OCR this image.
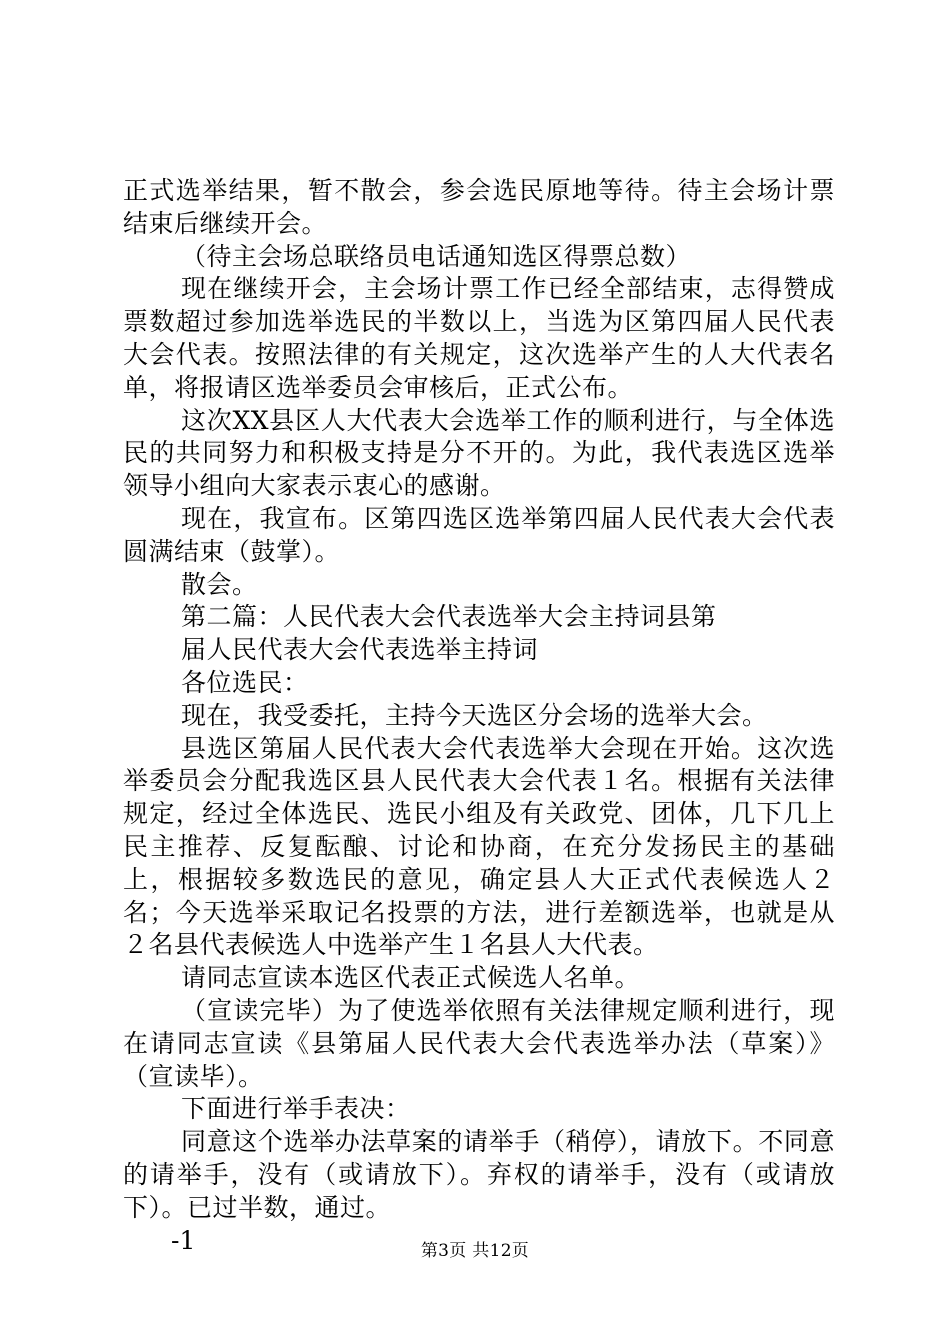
正式选举结果，暂不散会，参会选民原地等待。待主会场计票结束后继续开会。

（待主会场总联络员电话通知选区得票总数）

现在继续开会，主会场计票工作已经全部结束，志得赞成票数超过参加选举选民的半数以上，当选为区第四届人民代表大会代表。按照法律的有关规定，这次选举产生的人大代表名单，将报请区选举委员会审核后，正式公布。

这次XX县区人大代表大会选举工作的顺利进行，与全体选民的共同努力和积极支持是分不开的。为此，我代表选区选举领导小组向大家表示衷心的感谢。

现在，我宣布。区第四选区选举第四届人民代表大会代表圆满结束（鼓掌）。

散会。

第二篇：人民代表大会代表选举大会主持词县第

届人民代表大会代表选举主持词

各位选民：

现在，我受委托，主持今天选区分会场的选举大会。

县选区第届人民代表大会代表选举大会现在开始。这次选举委员会分配我选区县人民代表大会代表１名。根据有关法律规定，经过全体选民、选民小组及有关政党、团体，几下几上民主推荐、反复酝酿、讨论和协商，在充分发扬民主的基础上，根据较多数选民的意见，确定县人大正式代表候选人２名；今天选举采取记名投票的方法，进行差额选举，也就是从２名县代表候选人中选举产生１名县人大代表。

请同志宣读本选区代表正式候选人名单。

（宣读完毕）为了使选举依照有关法律规定顺利进行，现在请同志宣读《县第届人民代表大会代表选举办法（草案）》（宣读毕）。

下面进行举手表决：

同意这个选举办法草案的请举手（稍停），请放下。不同意的请举手，没有（或请放下）。弃权的请举手，没有（或请放下）。已过半数，通过。

-1	第3页 共12页
